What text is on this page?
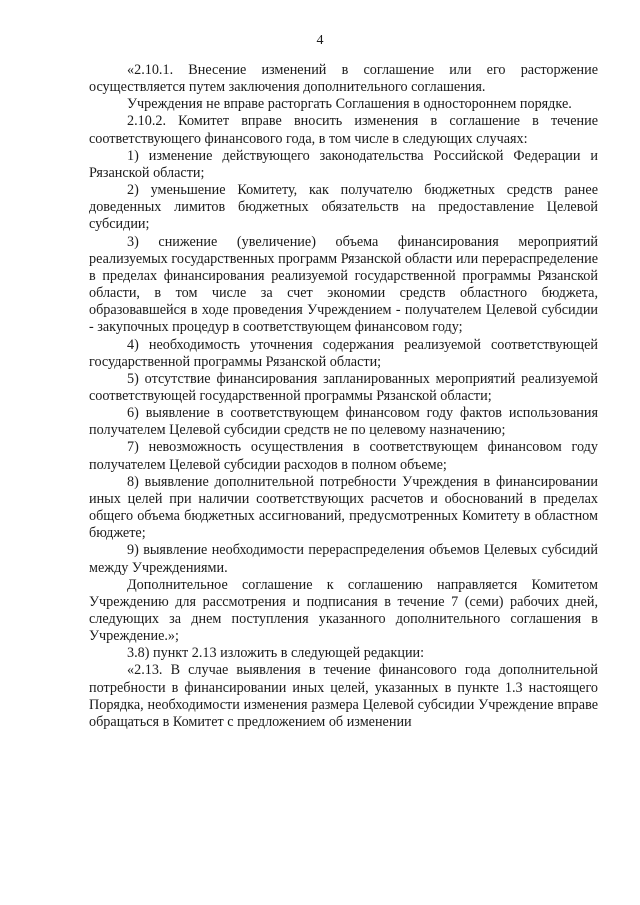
4

«2.10.1. Внесение изменений в соглашение или его расторжение осуществляется путем заключения дополнительного соглашения.

Учреждения не вправе расторгать Соглашения в одностороннем порядке.

2.10.2. Комитет вправе вносить изменения в соглашение в течение соответствующего финансового года, в том числе в следующих случаях:

1) изменение действующего законодательства Российской Федерации и Рязанской области;

2) уменьшение Комитету, как получателю бюджетных средств ранее доведенных лимитов бюджетных обязательств на предоставление Целевой субсидии;

3) снижение (увеличение) объема финансирования мероприятий реализуемых государственных программ Рязанской области или перераспределение в пределах финансирования реализуемой государственной программы Рязанской области, в том числе за счет экономии средств областного бюджета, образовавшейся в ходе проведения Учреждением - получателем Целевой субсидии - закупочных процедур в соответствующем финансовом году;

4) необходимость уточнения содержания реализуемой соответствующей государственной программы Рязанской области;

5) отсутствие финансирования запланированных мероприятий реализуемой соответствующей государственной программы Рязанской области;

6) выявление в соответствующем финансовом году фактов использования получателем Целевой субсидии средств не по целевому назначению;

7) невозможность осуществления в соответствующем финансовом году получателем Целевой субсидии расходов в полном объеме;

8) выявление дополнительной потребности Учреждения в финансировании иных целей при наличии соответствующих расчетов и обоснований в пределах общего объема бюджетных ассигнований, предусмотренных Комитету в областном бюджете;

9) выявление необходимости перераспределения объемов Целевых субсидий между Учреждениями.

Дополнительное соглашение к соглашению направляется Комитетом Учреждению для рассмотрения и подписания в течение 7 (семи) рабочих дней, следующих за днем поступления указанного дополнительного соглашения в Учреждение.»;

3.8) пункт 2.13 изложить в следующей редакции:

«2.13. В случае выявления в течение финансового года дополнительной потребности в финансировании иных целей, указанных в пункте 1.3 настоящего Порядка, необходимости изменения размера Целевой субсидии Учреждение вправе обращаться в Комитет с предложением об изменении
